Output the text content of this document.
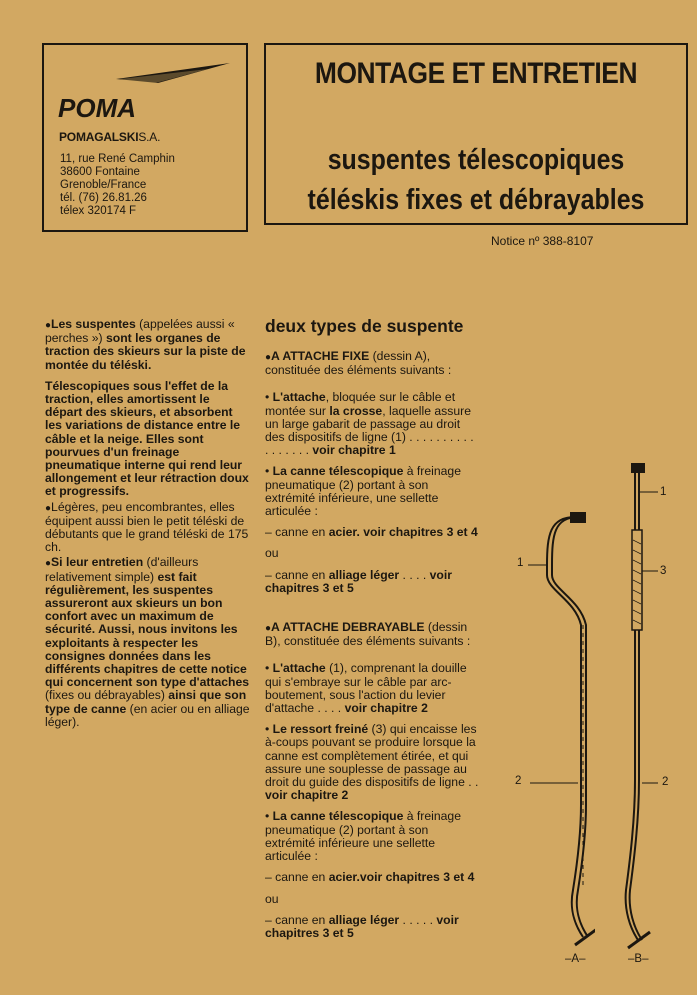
POMA
POMAGALSKIS.A.
11, rue René Camphin
38600 Fontaine
Grenoble/France
tél. (76) 26.81.26
télex 320174 F
MONTAGE ET ENTRETIEN
suspentes télescopiques
téléskis fixes et débrayables
Notice nº 388-8107

● Les suspentes (appelées aussi « perches ») sont les organes de traction des skieurs sur la piste de montée du téléski.

Télescopiques sous l'effet de la traction, elles amortissent le départ des skieurs, et absorbent les variations de distance entre le câble et la neige. Elles sont pourvues d'un freinage pneumatique interne qui rend leur allongement et leur rétraction doux et progressifs.

● Légères, peu encombrantes, elles équipent aussi bien le petit téléski de débutants que le grand téléski de 175 ch.

● Si leur entretien (d'ailleurs relativement simple) est fait régulièrement, les suspentes assureront aux skieurs un bon confort avec un maximum de sécurité. Aussi, nous invitons les exploitants à respecter les consignes données dans les différents chapitres de cette notice qui concernent son type d'attaches (fixes ou débrayables) ainsi que son type de canne (en acier ou en alliage léger).

deux types de suspente

● A ATTACHE FIXE (dessin A), constituée des éléments suivants :

• L'attache, bloquée sur le câble et montée sur la crosse, laquelle assure un large gabarit de passage au droit des dispositifs de ligne (1) . . . . . . . . . . . . . . . . . voir chapitre 1

• La canne télescopique à freinage pneumatique (2) portant à son extrémité inférieure, une sellette articulée :

– canne en acier. voir chapitres 3 et 4

ou

– canne en alliage léger . . . . voir chapitres 3 et 5

● A ATTACHE DEBRAYABLE (dessin B), constituée des éléments suivants :

• L'attache (1), comprenant la douille qui s'embraye sur le câble par arc-boutement, sous l'action du levier d'attache . . . . voir chapitre 2

• Le ressort freiné (3) qui encaisse les à-coups pouvant se produire lorsque la canne est complètement étirée, et qui assure une souplesse de passage au droit du guide des dispositifs de ligne . . voir chapitre 2

• La canne télescopique à freinage pneumatique (2) portant à son extrémité inférieure une sellette articulée :

– canne en acier.voir chapitres 3 et 4

ou

– canne en alliage léger . . . . . voir chapitres 3 et 5

1
2
1
3
2
–A–	–B–
